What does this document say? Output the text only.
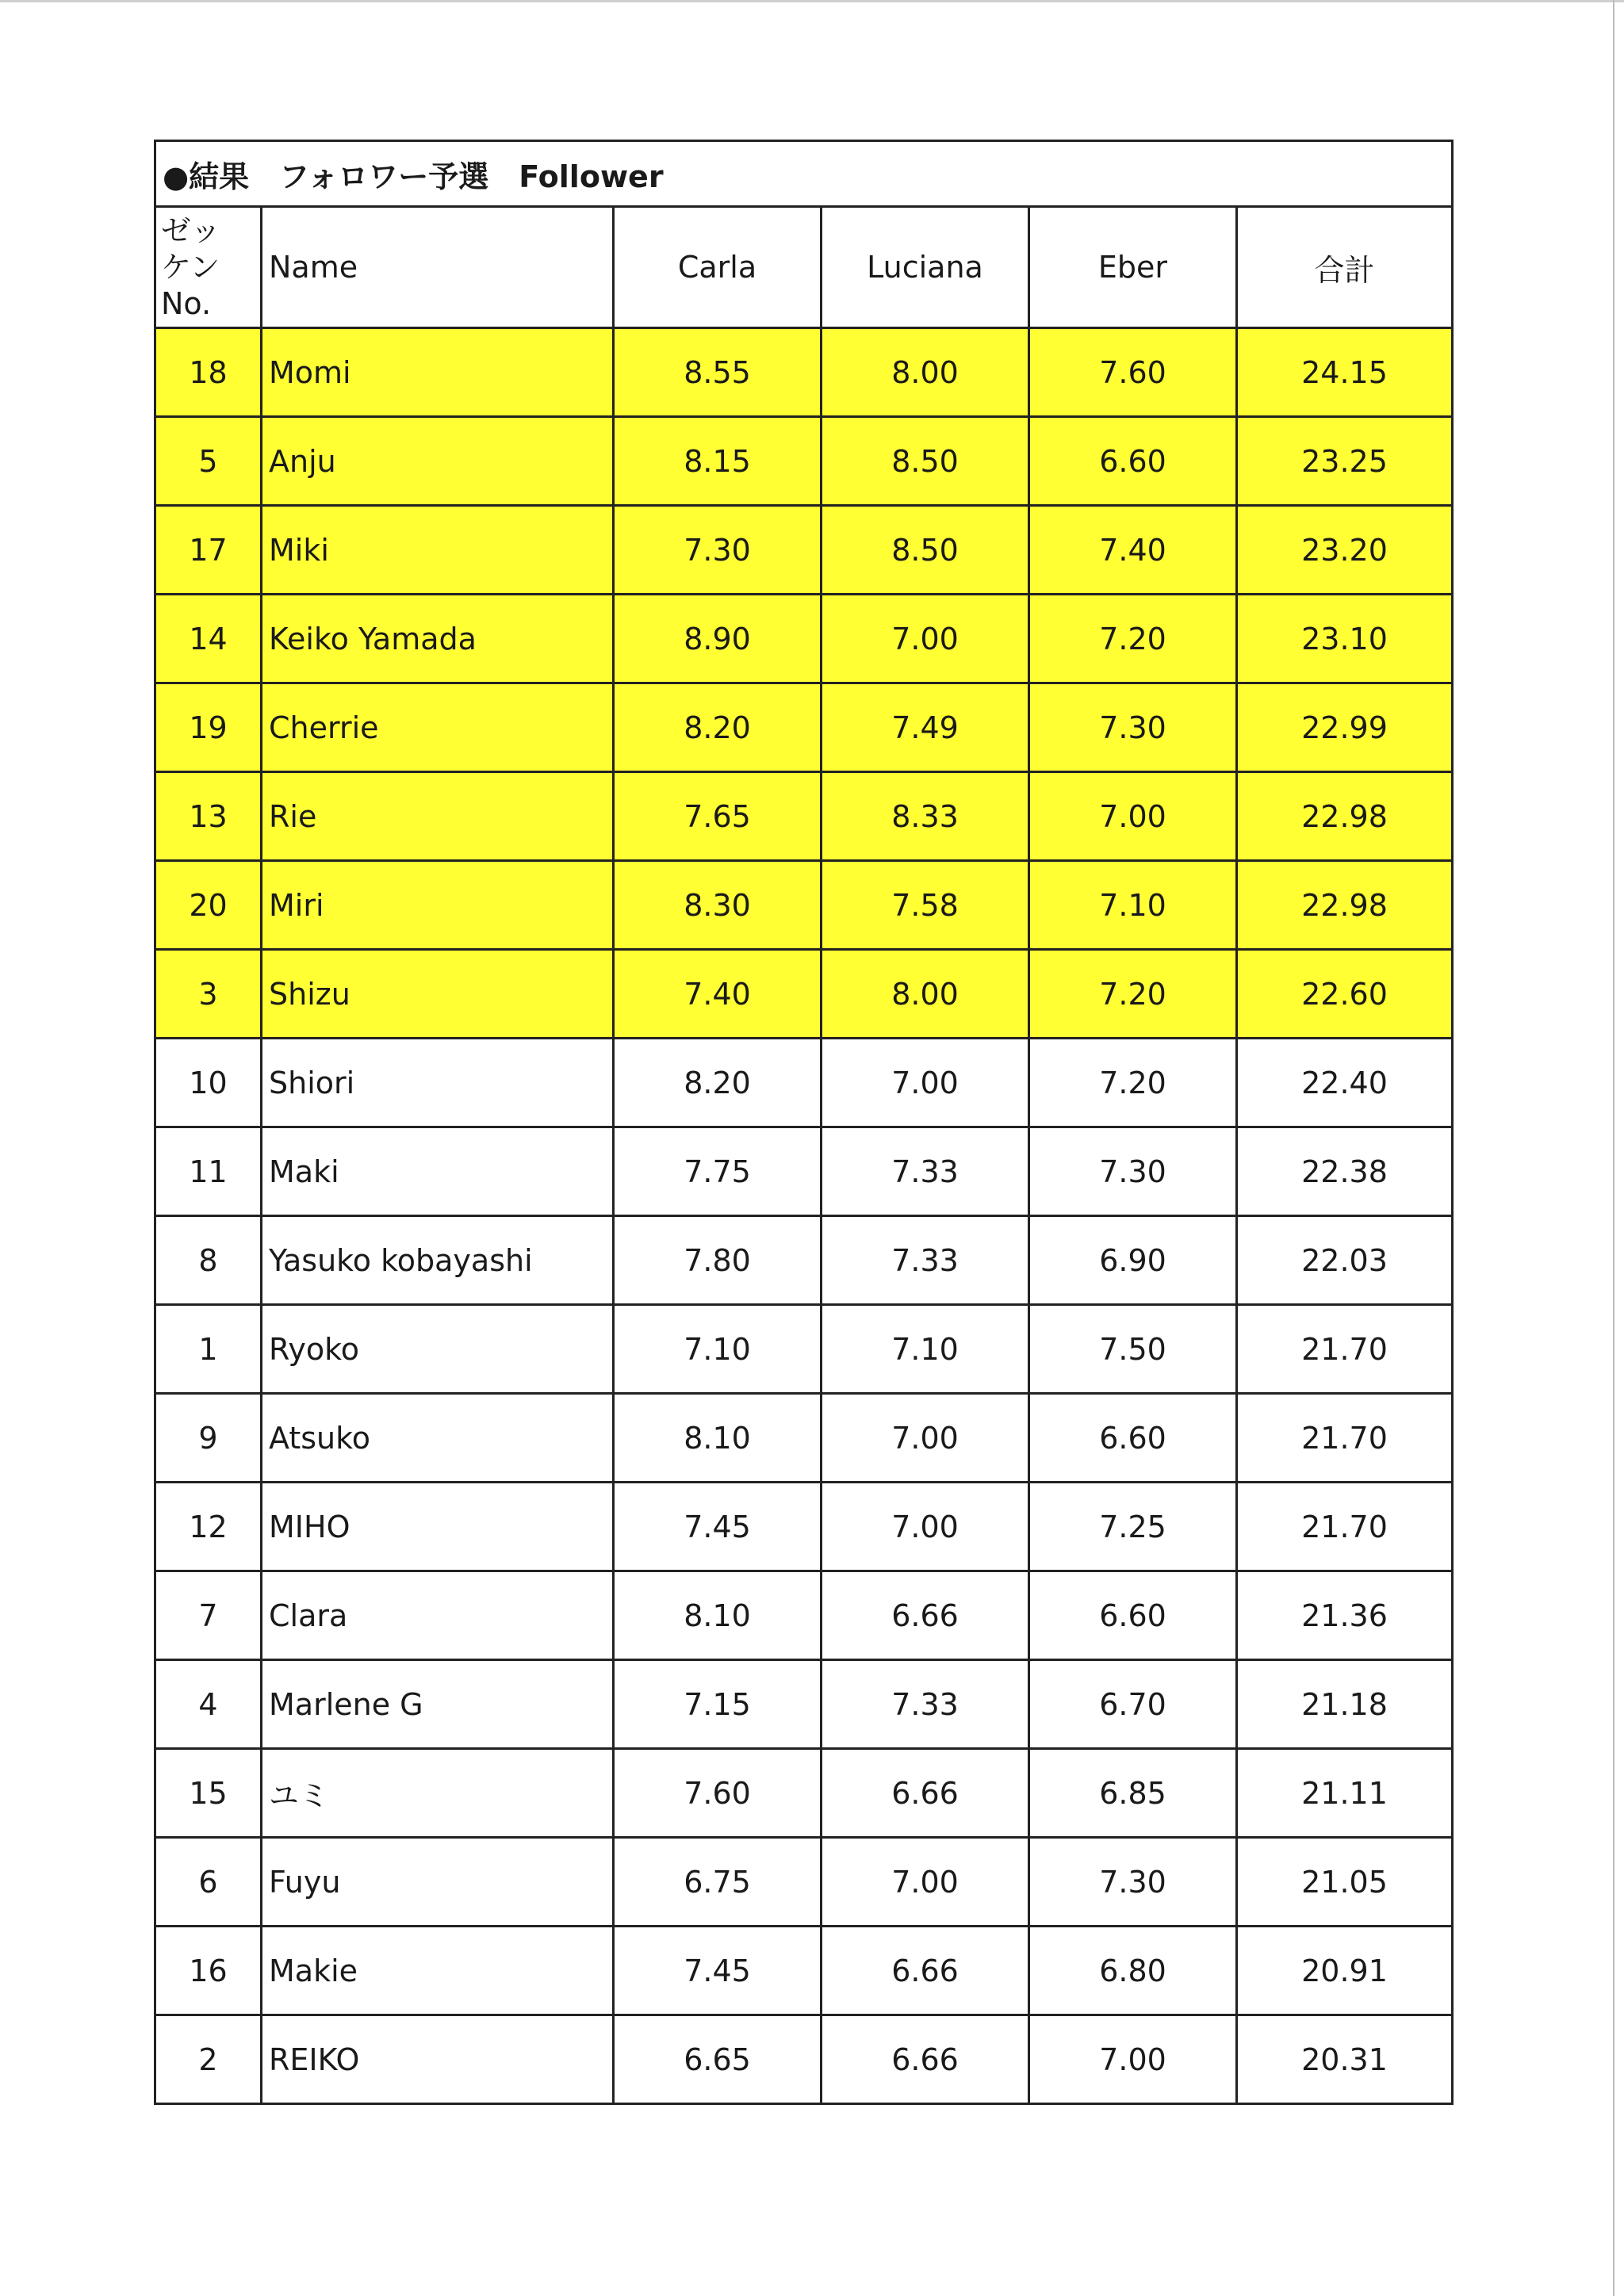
●結果　フォロワー予選　Follower					
ゼッ
ケン
No.	Name	Carla	Luciana	Eber	合計
18	Momi	8.55	8.00	7.60	24.15
5	Anju	8.15	8.50	6.60	23.25
17	Miki	7.30	8.50	7.40	23.20
14	Keiko Yamada	8.90	7.00	7.20	23.10
19	Cherrie	8.20	7.49	7.30	22.99
13	Rie	7.65	8.33	7.00	22.98
20	Miri	8.30	7.58	7.10	22.98
3	Shizu	7.40	8.00	7.20	22.60
10	Shiori	8.20	7.00	7.20	22.40
11	Maki	7.75	7.33	7.30	22.38
8	Yasuko kobayashi	7.80	7.33	6.90	22.03
1	Ryoko	7.10	7.10	7.50	21.70
9	Atsuko	8.10	7.00	6.60	21.70
12	MIHO	7.45	7.00	7.25	21.70
7	Clara	8.10	6.66	6.60	21.36
4	Marlene G	7.15	7.33	6.70	21.18
15	ユミ	7.60	6.66	6.85	21.11
6	Fuyu	6.75	7.00	7.30	21.05
16	Makie	7.45	6.66	6.80	20.91
2	REIKO	6.65	6.66	7.00	20.31
